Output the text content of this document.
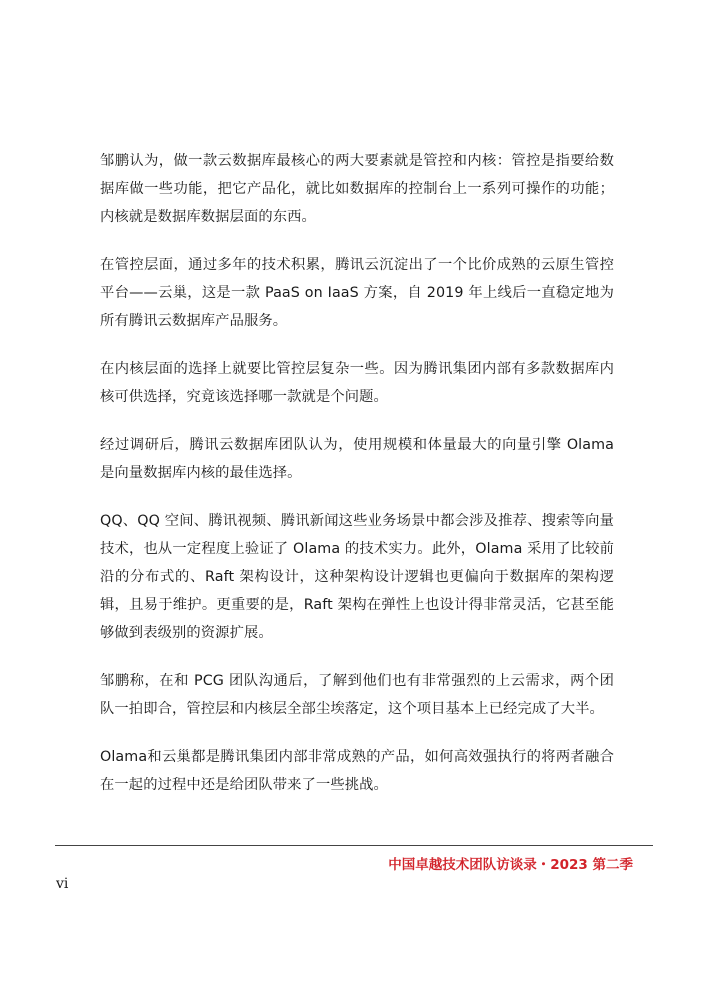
邹鹏认为，做一款云数据库最核心的两大要素就是管控和内核：管控是指要给数据库做一些功能，把它产品化，就比如数据库的控制台上一系列可操作的功能；内核就是数据库数据层面的东西。

在管控层面，通过多年的技术积累，腾讯云沉淀出了一个比价成熟的云原生管控平台——云巢，这是一款 PaaS on IaaS 方案，自 2019 年上线后一直稳定地为所有腾讯云数据库产品服务。

在内核层面的选择上就要比管控层复杂一些。因为腾讯集团内部有多款数据库内核可供选择，究竟该选择哪一款就是个问题。

经过调研后，腾讯云数据库团队认为，使用规模和体量最大的向量引擎 Olama 是向量数据库内核的最佳选择。

QQ、QQ 空间、腾讯视频、腾讯新闻这些业务场景中都会涉及推荐、搜索等向量技术，也从一定程度上验证了 Olama 的技术实力。此外，Olama 采用了比较前沿的分布式的、Raft 架构设计，这种架构设计逻辑也更偏向于数据库的架构逻辑，且易于维护。更重要的是，Raft 架构在弹性上也设计得非常灵活，它甚至能够做到表级别的资源扩展。

邹鹏称，在和 PCG 团队沟通后，了解到他们也有非常强烈的上云需求，两个团队一拍即合，管控层和内核层全部尘埃落定，这个项目基本上已经完成了大半。

Olama和云巢都是腾讯集团内部非常成熟的产品，如何高效强执行的将两者融合在一起的过程中还是给团队带来了一些挑战。

中国卓越技术团队访谈录・2023 第二季
vi
